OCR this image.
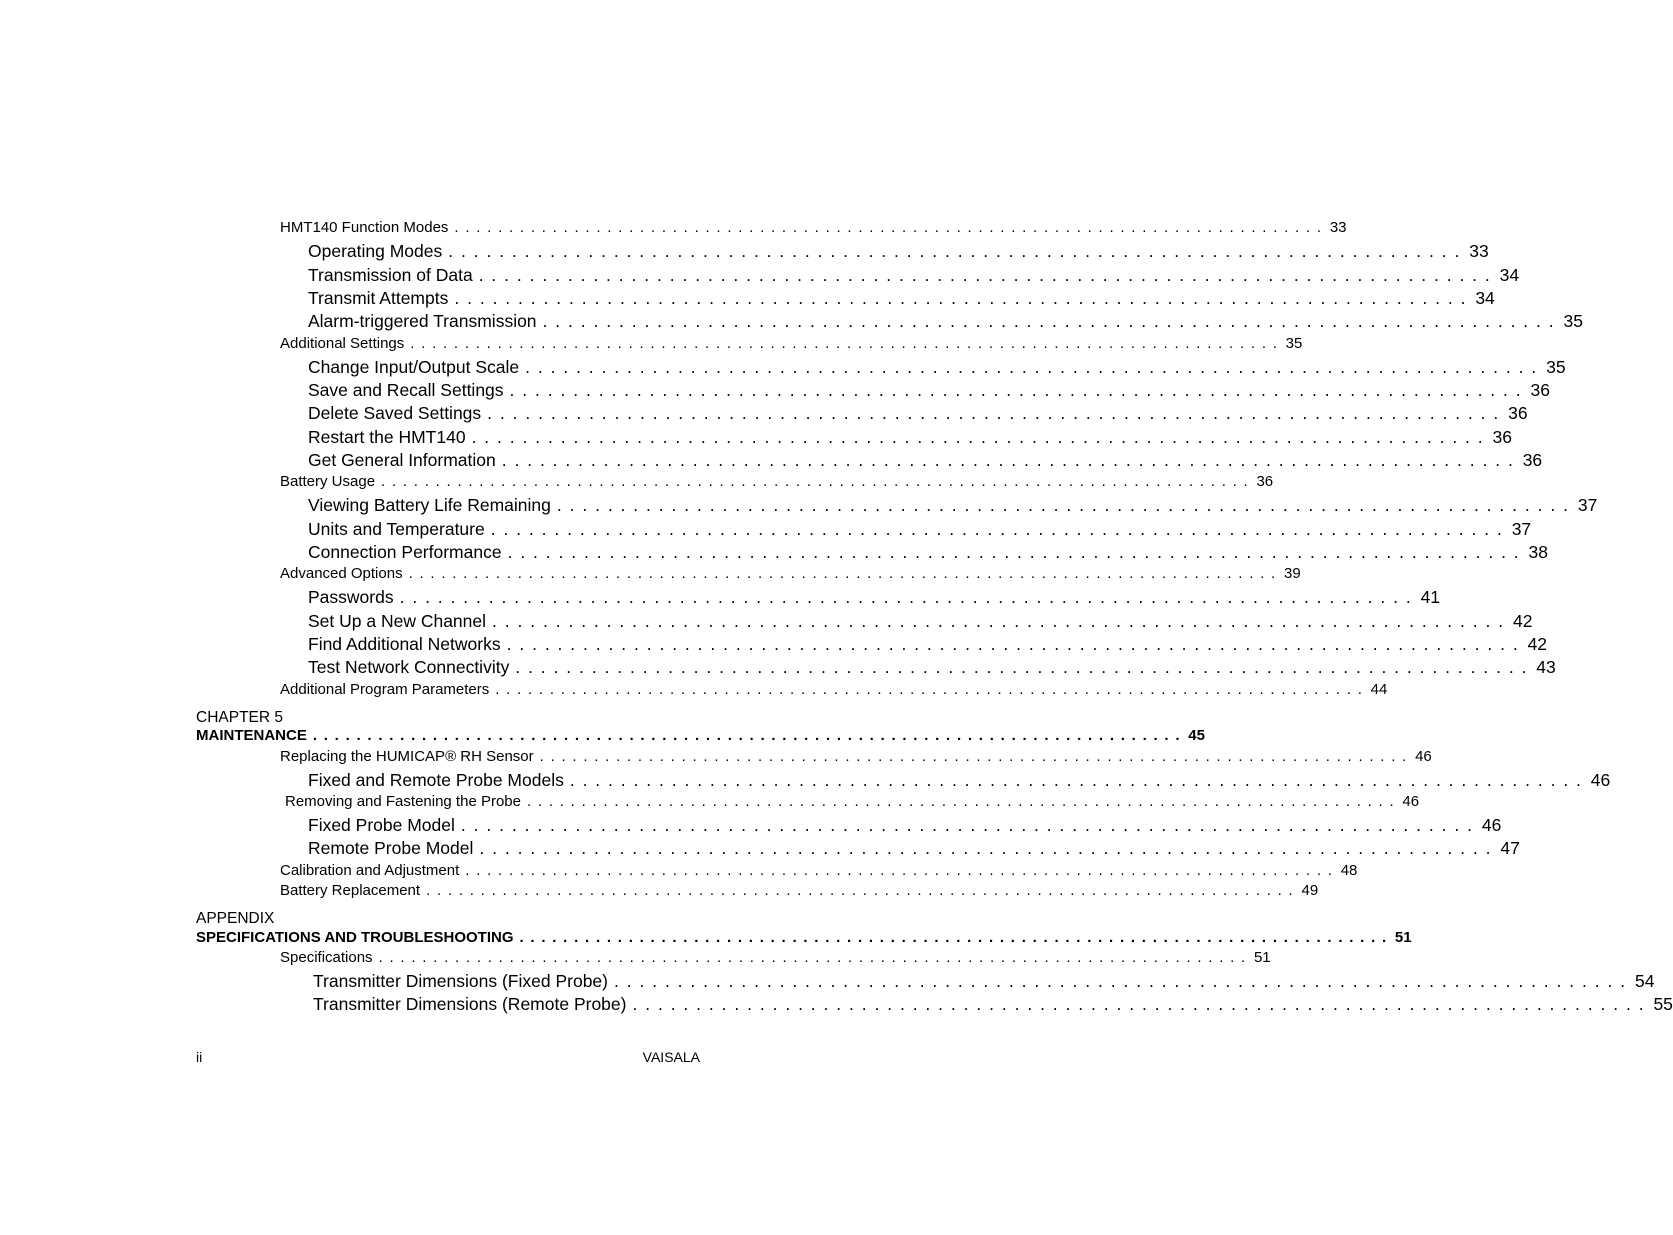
HMT140 Function Modes ................................................................................ 33
Operating Modes ................................................................................ 33
Transmission of Data ................................................................................ 34
Transmit Attempts ................................................................................ 34
Alarm-triggered Transmission ................................................................................ 35
Additional Settings ................................................................................ 35
Change Input/Output Scale ................................................................................ 35
Save and Recall Settings ................................................................................ 36
Delete Saved Settings ................................................................................ 36
Restart the HMT140 ................................................................................ 36
Get General Information ................................................................................ 36
Battery Usage ................................................................................ 36
Viewing Battery Life Remaining ................................................................................ 37
Units and Temperature ................................................................................ 37
Connection Performance ................................................................................ 38
Advanced Options ................................................................................ 39
Passwords ................................................................................ 41
Set Up a New Channel ................................................................................ 42
Find Additional Networks ................................................................................ 42
Test Network Connectivity ................................................................................ 43
Additional Program Parameters ................................................................................ 44
CHAPTER 5
MAINTENANCE ................................................................................ 45
Replacing the HUMICAP® RH Sensor ................................................................................ 46
Fixed and Remote Probe Models ................................................................................ 46
Removing and Fastening the Probe ................................................................................ 46
Fixed Probe Model ................................................................................ 46
Remote Probe Model ................................................................................ 47
Calibration and Adjustment ................................................................................ 48
Battery Replacement ................................................................................ 49
APPENDIX
SPECIFICATIONS AND TROUBLESHOOTING ................................................................................ 51
Specifications ................................................................................ 51
Transmitter Dimensions (Fixed Probe) ................................................................................ 54
Transmitter Dimensions (Remote Probe) ................................................................................ 55
ii	VAISALA
